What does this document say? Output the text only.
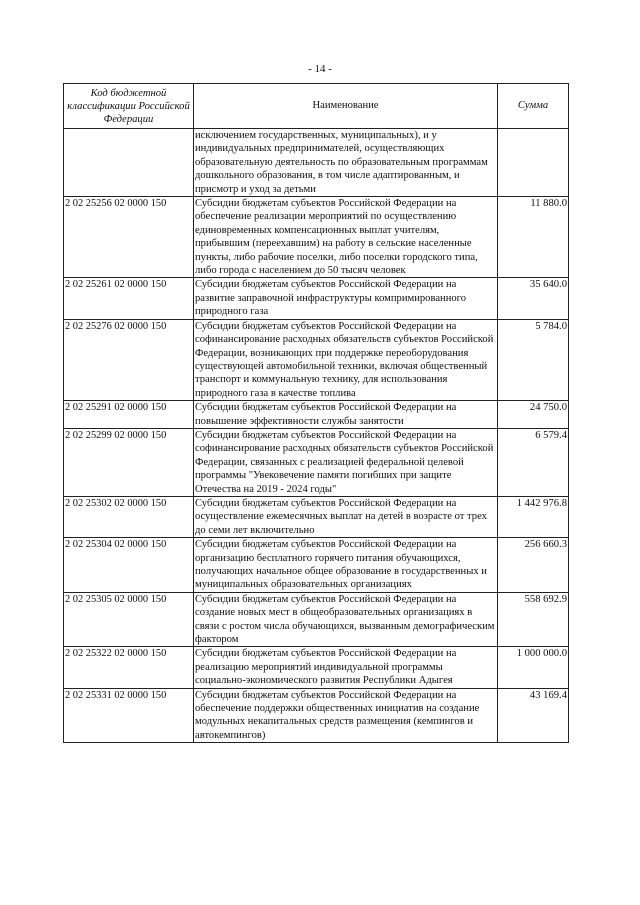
- 14 -
Код бюджетной классификации Российской Федерации	Наименование	Сумма
	исключением государственных, муниципальных), и у индивидуальных предпринимателей, осуществляющих образовательную деятельность по образовательным программам дошкольного образования, в том числе адаптированным, и присмотр и уход за детьми	
2 02 25256 02 0000 150	Субсидии бюджетам субъектов Российской Федерации на обеспечение реализации мероприятий по осуществлению единовременных компенсационных выплат учителям, прибывшим (переехавшим) на работу в сельские населенные пункты, либо рабочие поселки, либо поселки городского типа, либо города с населением до 50 тысяч человек	11 880.0
2 02 25261 02 0000 150	Субсидии бюджетам субъектов Российской Федерации на развитие заправочной инфраструктуры компримированного природного газа	35 640.0
2 02 25276 02 0000 150	Субсидии бюджетам субъектов Российской Федерации на софинансирование расходных обязательств субъектов Российской Федерации, возникающих при поддержке переоборудования существующей автомобильной техники, включая общественный транспорт и коммунальную технику, для использования природного газа в качестве топлива	5 784.0
2 02 25291 02 0000 150	Субсидии бюджетам субъектов Российской Федерации на повышение эффективности службы занятости	24 750.0
2 02 25299 02 0000 150	Субсидии бюджетам субъектов Российской Федерации на софинансирование расходных обязательств субъектов Российской Федерации, связанных с реализацией федеральной целевой программы "Увековечение памяти погибших при защите Отечества на 2019 - 2024 годы"	6 579.4
2 02 25302 02 0000 150	Субсидии бюджетам субъектов Российской Федерации на осуществление ежемесячных выплат на детей в возрасте от трех до семи лет включительно	1 442 976.8
2 02 25304 02 0000 150	Субсидии бюджетам субъектов Российской Федерации на организацию бесплатного горячего питания обучающихся, получающих начальное общее образование в государственных и муниципальных образовательных организациях	256 660.3
2 02 25305 02 0000 150	Субсидии бюджетам субъектов Российской Федерации на создание новых мест в общеобразовательных организациях в связи с ростом числа обучающихся, вызванным демографическим фактором	558 692.9
2 02 25322 02 0000 150	Субсидии бюджетам субъектов Российской Федерации на реализацию мероприятий индивидуальной программы социально-экономического развития Республики Адыгея	1 000 000.0
2 02 25331 02 0000 150	Субсидии бюджетам субъектов Российской Федерации на обеспечение поддержки общественных инициатив на создание модульных некапитальных средств размещения (кемпингов и автокемпингов)	43 169.4
